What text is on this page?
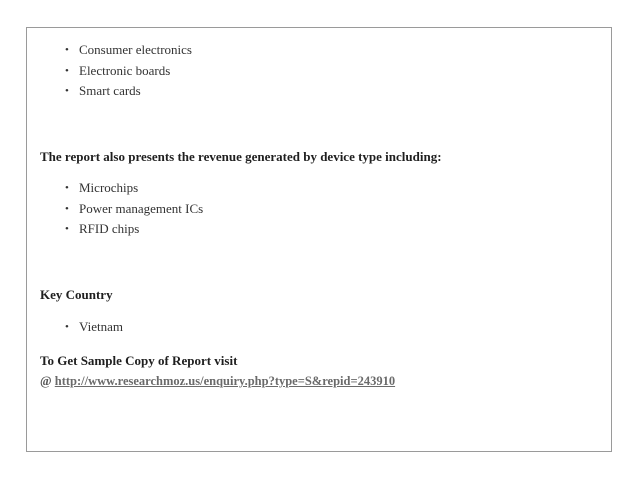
• Consumer electronics
• Electronic boards
• Smart cards

The report also presents the revenue generated by device type including:

• Microchips
• Power management ICs
• RFID chips

Key Country

• Vietnam

To Get Sample Copy of Report visit

@ http://www.researchmoz.us/enquiry.php?type=S&repid=243910
